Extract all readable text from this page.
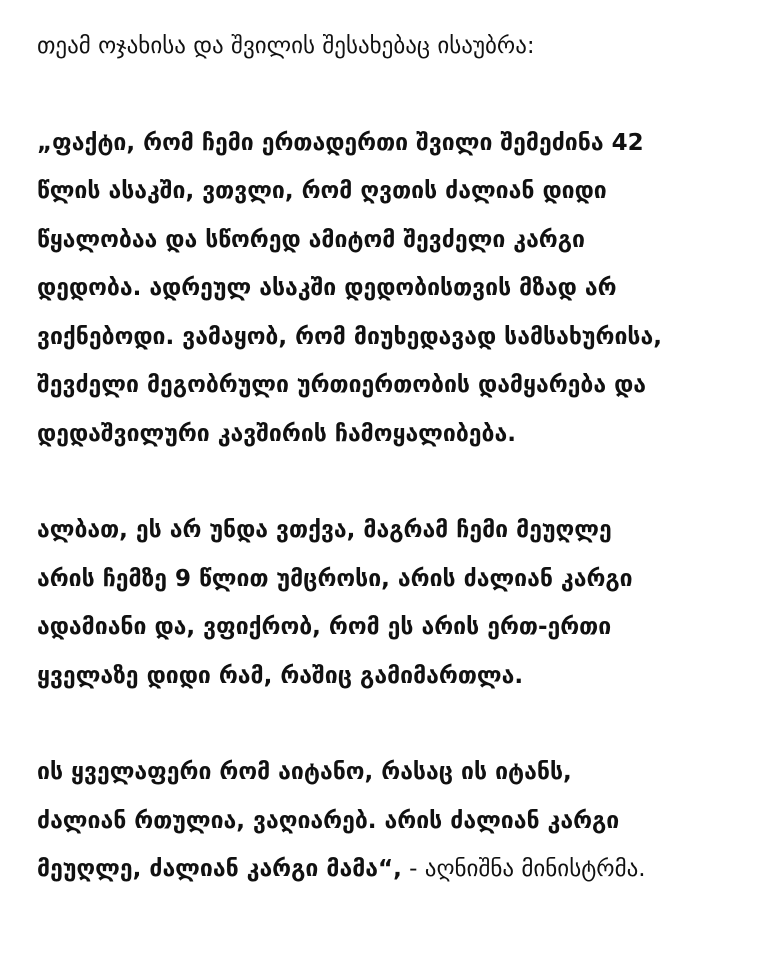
თეამ ოჯახისა და შვილის შესახებაც ისაუბრა:

„ფაქტი, რომ ჩემი ერთადერთი შვილი შემეძინა 42
წლის ასაკში, ვთვლი, რომ ღვთის ძალიან დიდი
წყალობაა და სწორედ ამიტომ შევძელი კარგი
დედობა. ადრეულ ასაკში დედობისთვის მზად არ
ვიქნებოდი. ვამაყობ, რომ მიუხედავად სამსახურისა,
შევძელი მეგობრული ურთიერთობის დამყარება და
დედაშვილური კავშირის ჩამოყალიბება.

ალბათ, ეს არ უნდა ვთქვა, მაგრამ ჩემი მეუღლე
არის ჩემზე 9 წლით უმცროსი, არის ძალიან კარგი
ადამიანი და, ვფიქრობ, რომ ეს არის ერთ-ერთი
ყველაზე დიდი რამ, რაშიც გამიმართლა.

ის ყველაფერი რომ აიტანო, რასაც ის იტანს,
ძალიან რთულია, ვაღიარებ. არის ძალიან კარგი
მეუღლე, ძალიან კარგი მამა“, - აღნიშნა მინისტრმა.
